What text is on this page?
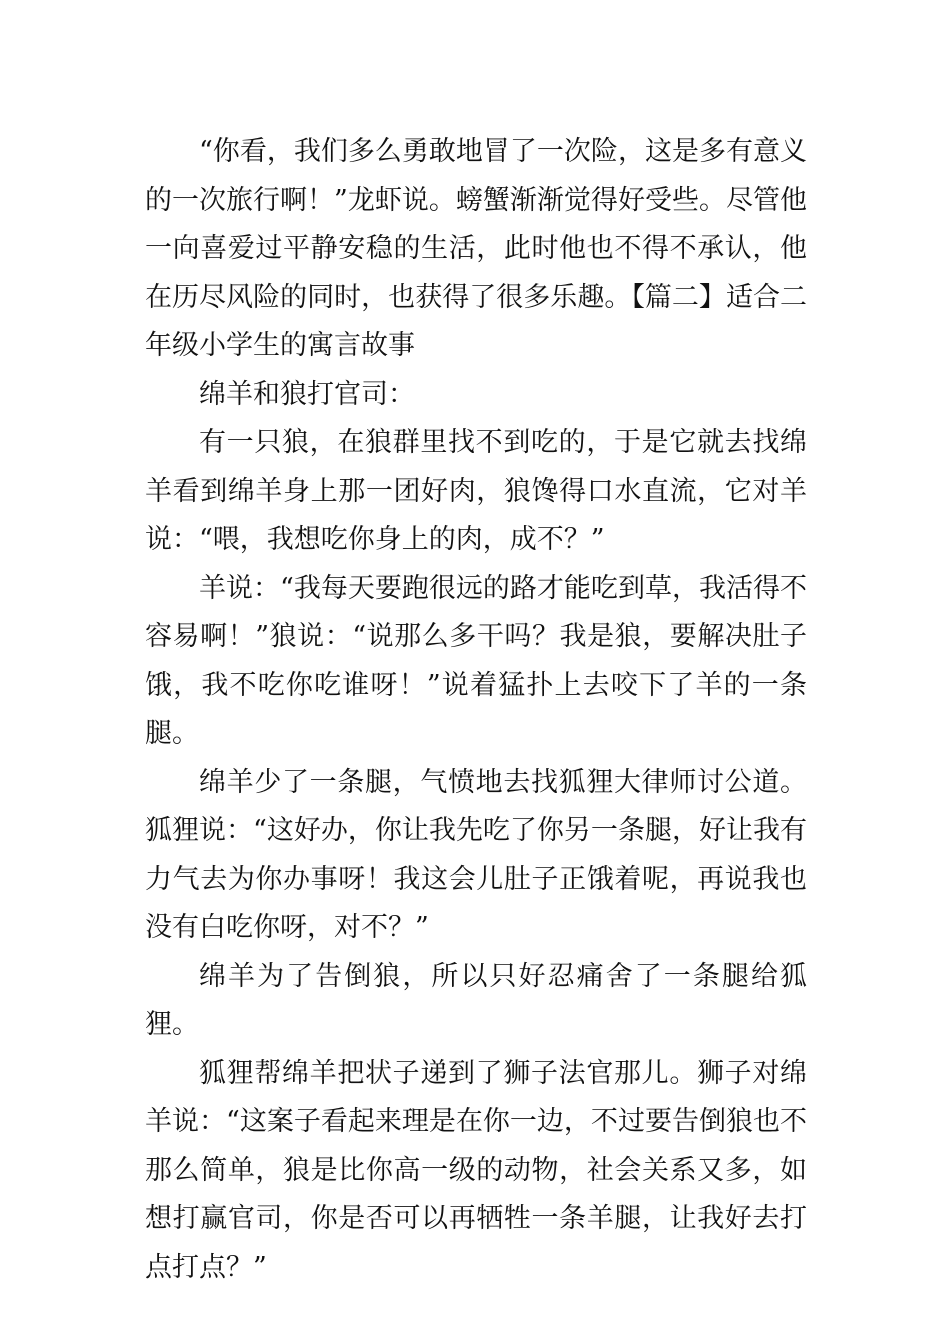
“你看，我们多么勇敢地冒了一次险，这是多有意义的一次旅行啊！”龙虾说。螃蟹渐渐觉得好受些。尽管他一向喜爱过平静安稳的生活，此时他也不得不承认，他在历尽风险的同时，也获得了很多乐趣。【篇二】适合二年级小学生的寓言故事

绵羊和狼打官司：

有一只狼，在狼群里找不到吃的，于是它就去找绵羊看到绵羊身上那一团好肉，狼馋得口水直流，它对羊说：“喂，我想吃你身上的肉，成不？”

羊说：“我每天要跑很远的路才能吃到草，我活得不容易啊！”狼说：“说那么多干吗？我是狼，要解决肚子饿，我不吃你吃谁呀！”说着猛扑上去咬下了羊的一条腿。

绵羊少了一条腿，气愤地去找狐狸大律师讨公道。狐狸说：“这好办，你让我先吃了你另一条腿，好让我有力气去为你办事呀！我这会儿肚子正饿着呢，再说我也没有白吃你呀，对不？”

绵羊为了告倒狼，所以只好忍痛舍了一条腿给狐狸。

狐狸帮绵羊把状子递到了狮子法官那儿。狮子对绵羊说：“这案子看起来理是在你一边，不过要告倒狼也不那么简单，狼是比你高一级的动物，社会关系又多，如想打赢官司，你是否可以再牺牲一条羊腿，让我好去打点打点？”
